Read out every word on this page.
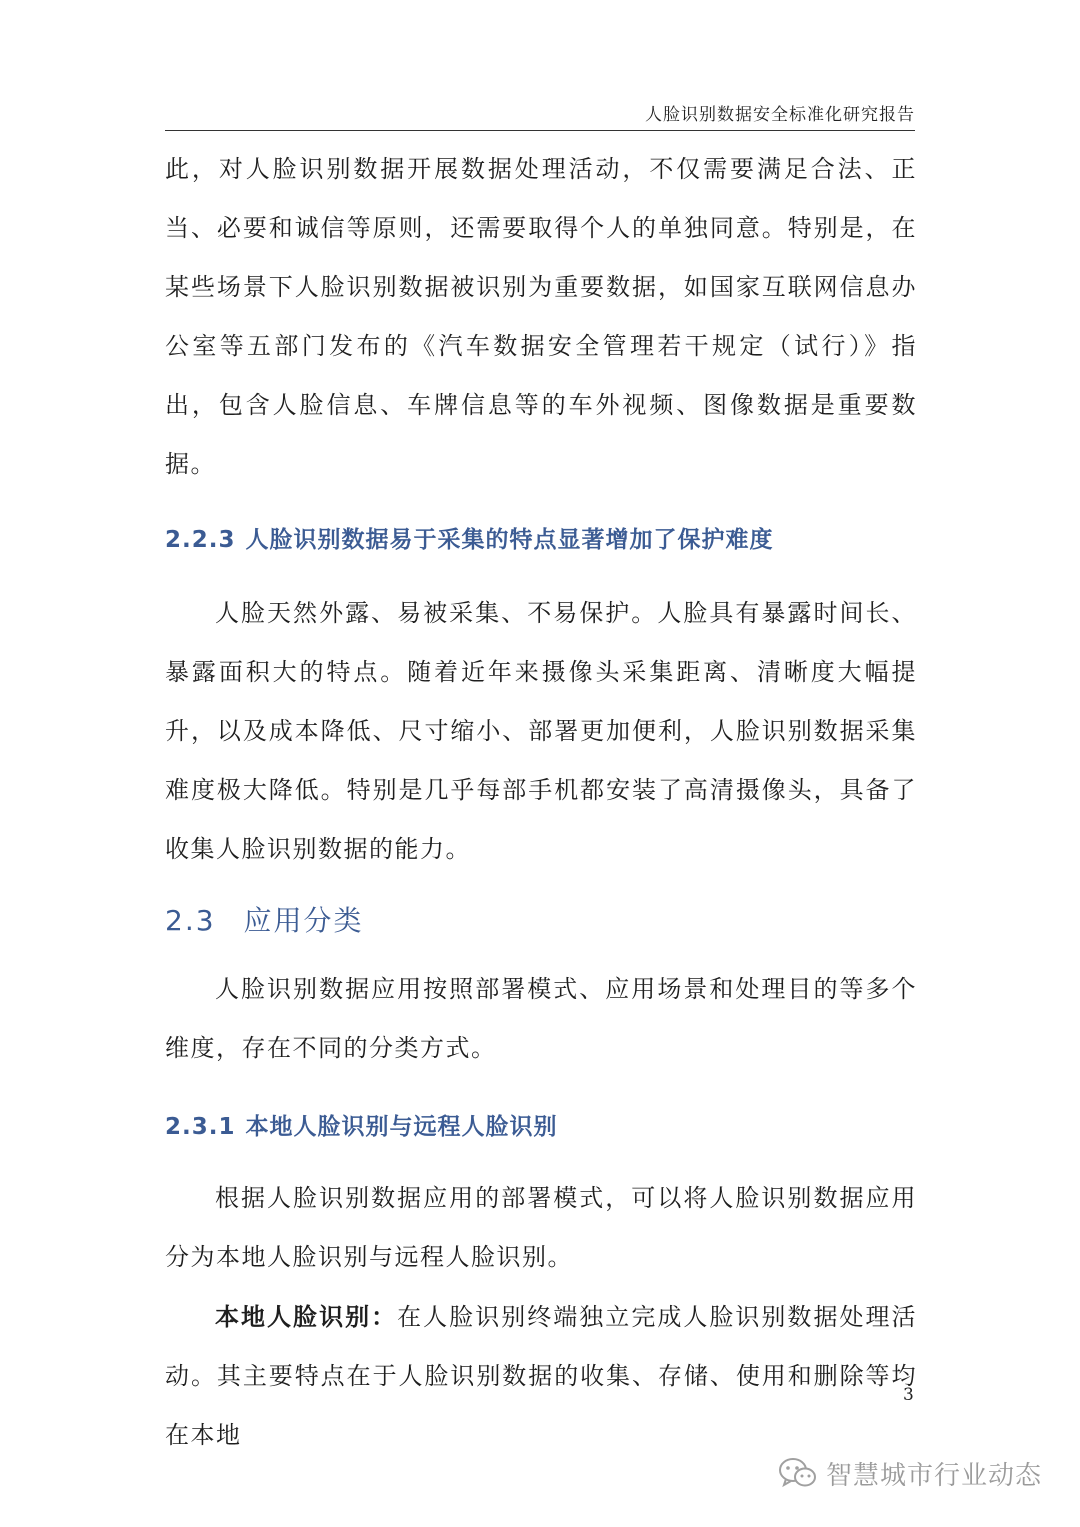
人脸识别数据安全标准化研究报告

此，对人脸识别数据开展数据处理活动，不仅需要满足合法、正当、必要和诚信等原则，还需要取得个人的单独同意。特别是，在某些场景下人脸识别数据被识别为重要数据，如国家互联网信息办公室等五部门发布的《汽车数据安全管理若干规定（试行）》指出，包含人脸信息、车牌信息等的车外视频、图像数据是重要数据。

2.2.3 人脸识别数据易于采集的特点显著增加了保护难度

人脸天然外露、易被采集、不易保护。人脸具有暴露时间长、暴露面积大的特点。随着近年来摄像头采集距离、清晰度大幅提升，以及成本降低、尺寸缩小、部署更加便利，人脸识别数据采集难度极大降低。特别是几乎每部手机都安装了高清摄像头，具备了收集人脸识别数据的能力。

2.3 应用分类

人脸识别数据应用按照部署模式、应用场景和处理目的等多个维度，存在不同的分类方式。

2.3.1 本地人脸识别与远程人脸识别

根据人脸识别数据应用的部署模式，可以将人脸识别数据应用分为本地人脸识别与远程人脸识别。

本地人脸识别：在人脸识别终端独立完成人脸识别数据处理活动。其主要特点在于人脸识别数据的收集、存储、使用和删除等均在本地

3
智慧城市行业动态
